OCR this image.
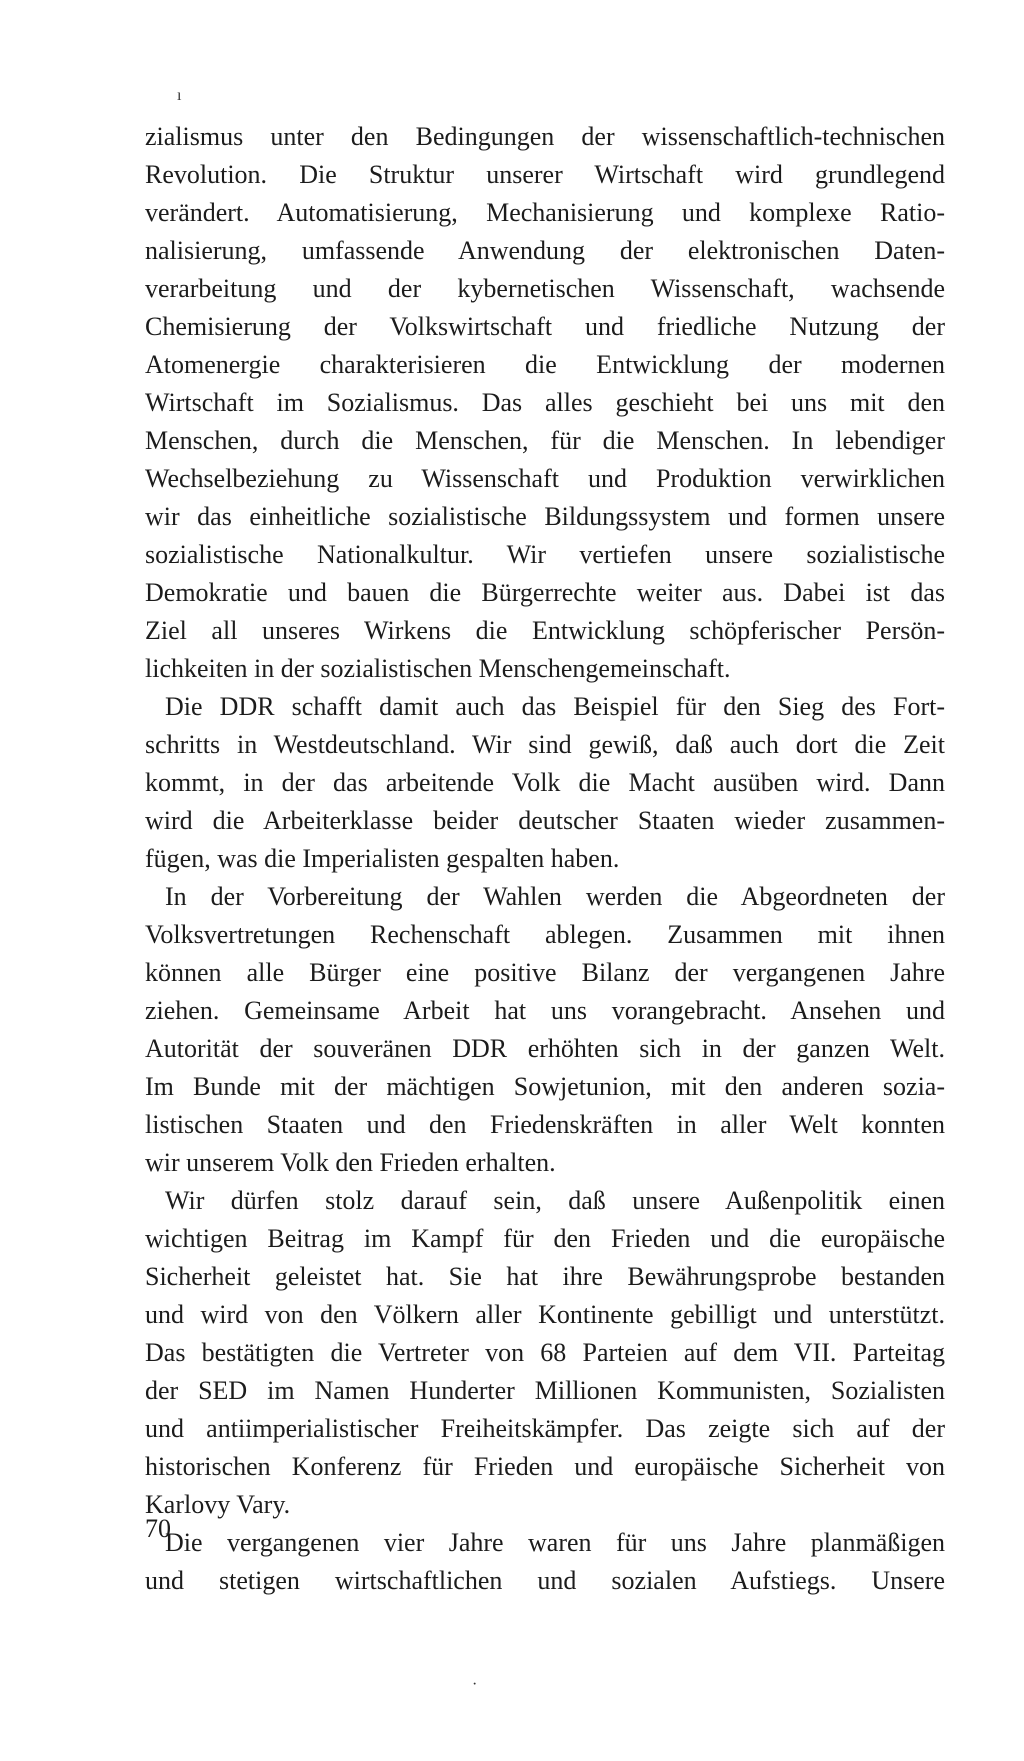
ı
zialismus unter den Bedingungen der wissenschaftlich-technischen
Revolution. Die Struktur unserer Wirtschaft wird grundlegend
verändert. Automatisierung, Mechanisierung und komplexe Ratio-
nalisierung, umfassende Anwendung der elektronischen Daten-
verarbeitung und der kybernetischen Wissenschaft, wachsende
Chemisierung der Volkswirtschaft und friedliche Nutzung der
Atomenergie charakterisieren die Entwicklung der modernen
Wirtschaft im Sozialismus. Das alles geschieht bei uns mit den
Menschen, durch die Menschen, für die Menschen. In lebendiger
Wechselbeziehung zu Wissenschaft und Produktion verwirklichen
wir das einheitliche sozialistische Bildungssystem und formen unsere
sozialistische Nationalkultur. Wir vertiefen unsere sozialistische
Demokratie und bauen die Bürgerrechte weiter aus. Dabei ist das
Ziel all unseres Wirkens die Entwicklung schöpferischer Persön-
lichkeiten in der sozialistischen Menschengemeinschaft.
Die DDR schafft damit auch das Beispiel für den Sieg des Fort-
schritts in Westdeutschland. Wir sind gewiß, daß auch dort die Zeit
kommt, in der das arbeitende Volk die Macht ausüben wird. Dann
wird die Arbeiterklasse beider deutscher Staaten wieder zusammen-
fügen, was die Imperialisten gespalten haben.
In der Vorbereitung der Wahlen werden die Abgeordneten der
Volksvertretungen Rechenschaft ablegen. Zusammen mit ihnen
können alle Bürger eine positive Bilanz der vergangenen Jahre
ziehen. Gemeinsame Arbeit hat uns vorangebracht. Ansehen und
Autorität der souveränen DDR erhöhten sich in der ganzen Welt.
Im Bunde mit der mächtigen Sowjetunion, mit den anderen sozia-
listischen Staaten und den Friedenskräften in aller Welt konnten
wir unserem Volk den Frieden erhalten.
Wir dürfen stolz darauf sein, daß unsere Außenpolitik einen
wichtigen Beitrag im Kampf für den Frieden und die europäische
Sicherheit geleistet hat. Sie hat ihre Bewährungsprobe bestanden
und wird von den Völkern aller Kontinente gebilligt und unterstützt.
Das bestätigten die Vertreter von 68 Parteien auf dem VII. Parteitag
der SED im Namen Hunderter Millionen Kommunisten, Sozialisten
und antiimperialistischer Freiheitskämpfer. Das zeigte sich auf der
historischen Konferenz für Frieden und europäische Sicherheit von
Karlovy Vary.
Die vergangenen vier Jahre waren für uns Jahre planmäßigen
und stetigen wirtschaftlichen und sozialen Aufstiegs. Unsere
70
·
